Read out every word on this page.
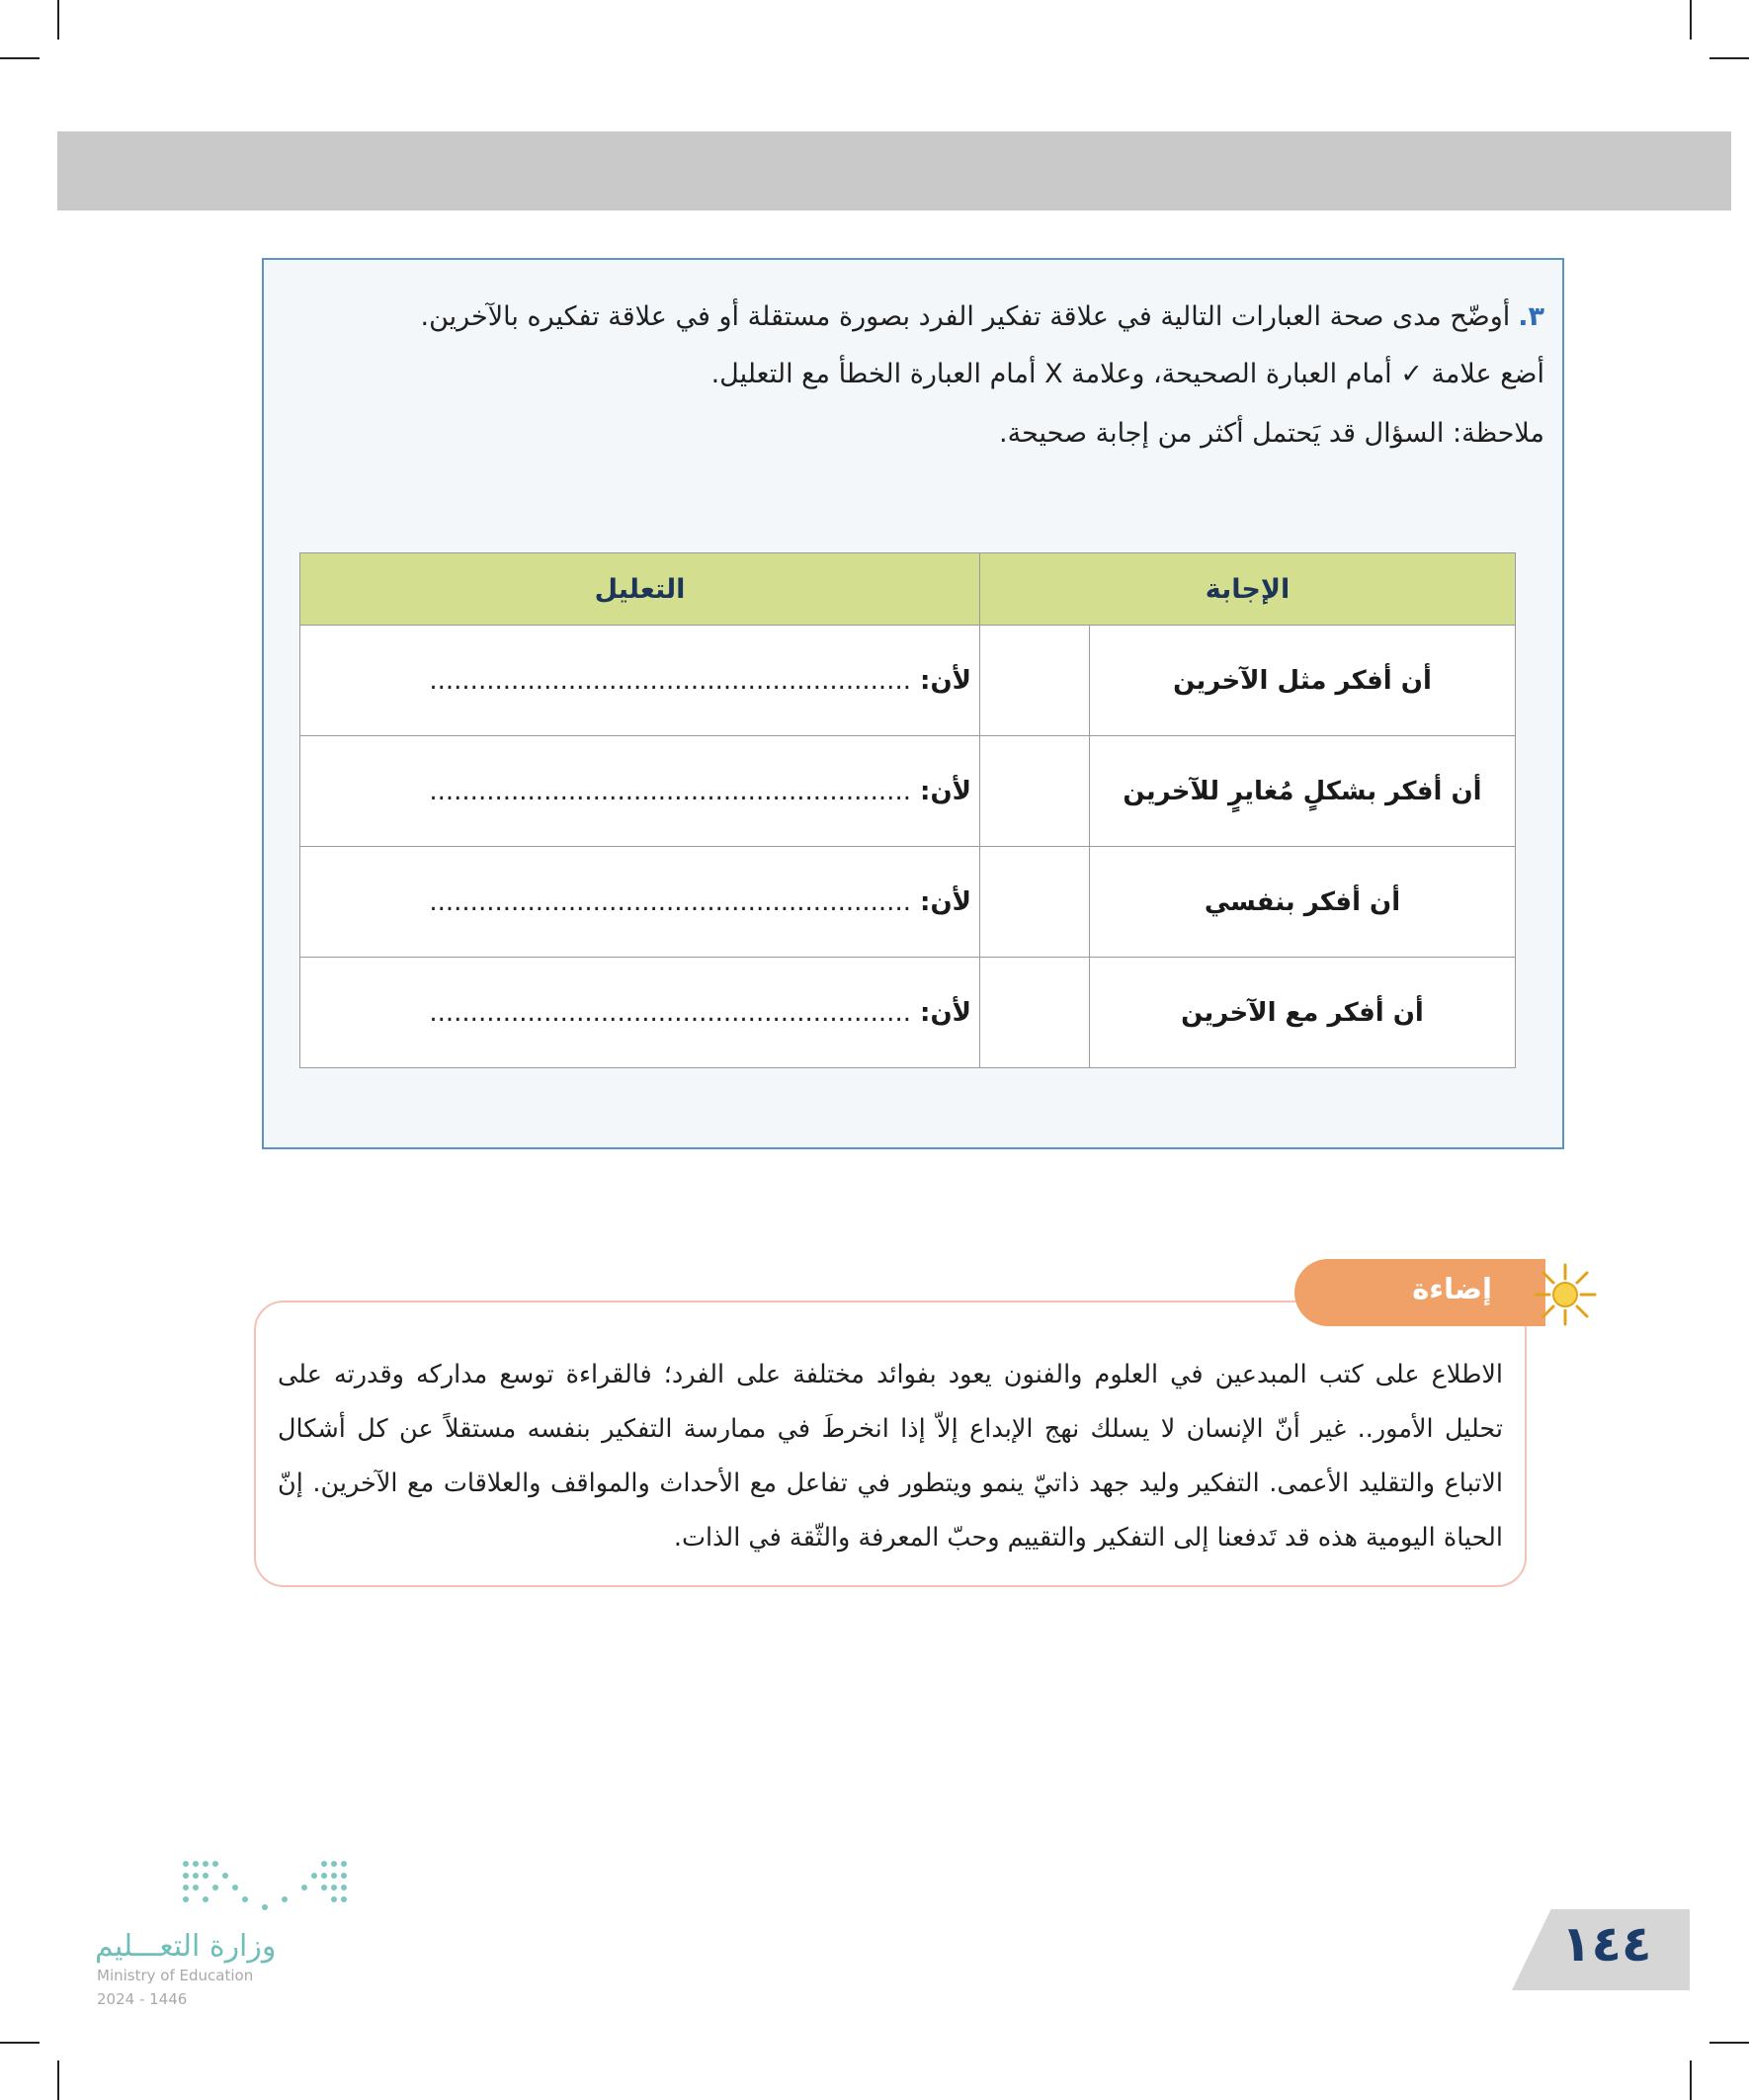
٣.أوضّح مدى صحة العبارات التالية في علاقة تفكير الفرد بصورة مستقلة أو في علاقة تفكيره بالآخرين.
أضع علامة ✓ أمام العبارة الصحيحة، وعلامة X أمام العبارة الخطأ مع التعليل.
ملاحظة: السؤال قد يَحتمل أكثر من إجابة صحيحة.
الإجابة		التعليل
أن أفكر مثل الآخرين		لأن: ...........................................................
أن أفكر بشكلٍ مُغايرٍ للآخرين		لأن: ...........................................................
أن أفكر بنفسي		لأن: ...........................................................
أن أفكر مع الآخرين		لأن: ...........................................................

الاطلاع على كتب المبدعين في العلوم والفنون يعود بفوائد مختلفة على الفرد؛ فالقراءة توسع مداركه وقدرته على تحليل الأمور.. غير أنّ الإنسان لا يسلك نهج الإبداع إلاّ إذا انخرطَ في ممارسة التفكير بنفسه مستقلاً عن كل أشكال الاتباع والتقليد الأعمى. التفكير وليد جهد ذاتيّ ينمو ويتطور في تفاعل مع الأحداث والمواقف والعلاقات مع الآخرين. إنّ الحياة اليومية هذه قد تَدفعنا إلى التفكير والتقييم وحبّ المعرفة والثّقة في الذات.

إضاءة
وزارة التعـــليم
Ministry of Education
2024 - 1446
١٤٤
